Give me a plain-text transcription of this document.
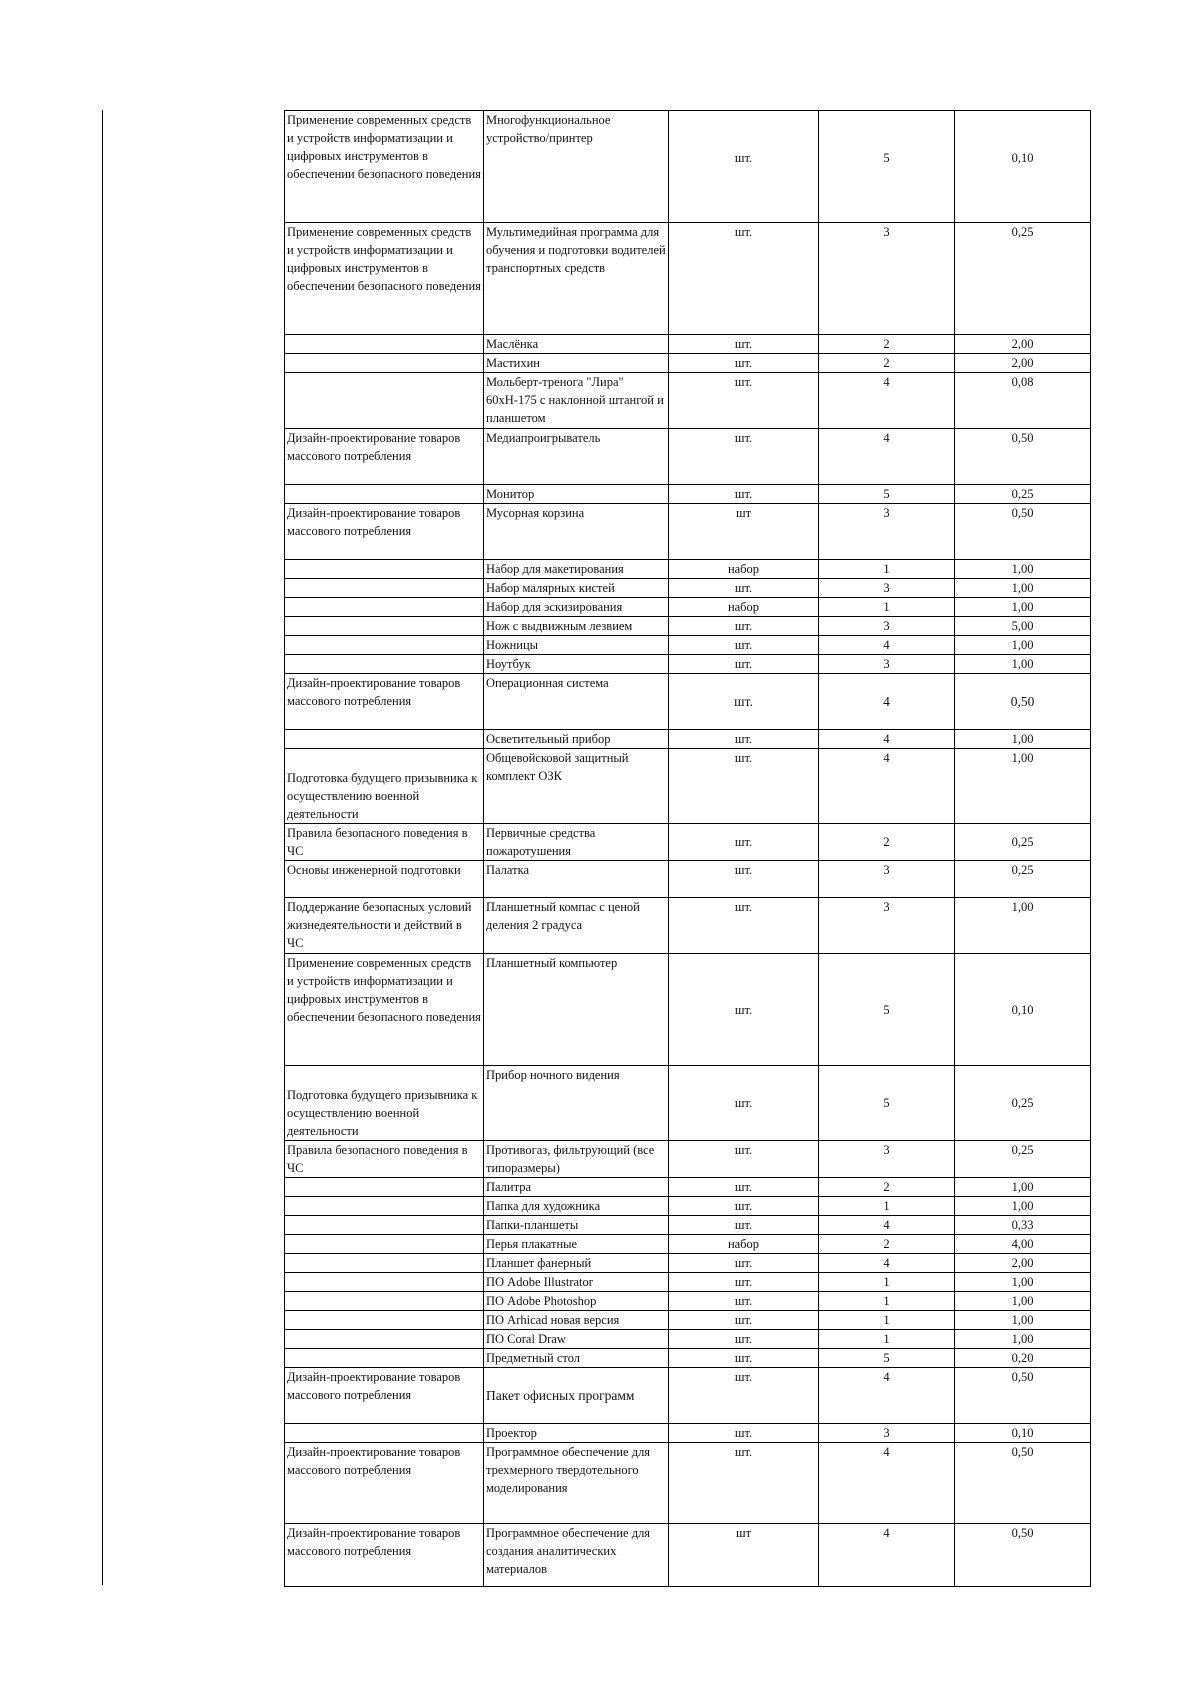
Применение современных средств и устройств информатизации и цифровых инструментов в обеспечении безопасного поведения	Многофункциональное устройство/принтер	шт.	5	0,10
Применение современных средств и устройств информатизации и цифровых инструментов в обеспечении безопасного поведения	Мультимедийная программа для обучения и подготовки водителей транспортных средств	шт.	3	0,25
	Маслёнка	шт.	2	2,00
	Мастихин	шт.	2	2,00
	Мольберт-тренога "Лира" 60хН-175 с наклонной штангой и планшетом	шт.	4	0,08
Дизайн-проектирование товаров массового потребления	Медиапроигрыватель	шт.	4	0,50
	Монитор	шт.	5	0,25
Дизайн-проектирование товаров массового потребления	Мусорная корзина	шт	3	0,50
	Набор для макетирования	набор	1	1,00
	Набор малярных кистей	шт.	3	1,00
	Набор для эскизирования	набор	1	1,00
	Нож с выдвижным лезвием	шт.	3	5,00
	Ножницы	шт.	4	1,00
	Ноутбук	шт.	3	1,00
Дизайн-проектирование товаров массового потребления	Операционная система	шт.	4	0,50
	Осветительный прибор	шт.	4	1,00
Подготовка будущего призывника к осуществлению военной деятельности	Общевойсковой защитный комплект ОЗК	шт.	4	1,00
Правила безопасного поведения в ЧС	Первичные средства пожаротушения	шт.	2	0,25
Основы инженерной подготовки	Палатка	шт.	3	0,25
Поддержание безопасных условий жизнедеятельности и действий в ЧС	Планшетный компас с ценой деления 2 градуса	шт.	3	1,00
Применение современных средств и устройств информатизации и цифровых инструментов в обеспечении безопасного поведения	Планшетный компьютер	шт.	5	0,10
Подготовка будущего призывника к осуществлению военной деятельности	Прибор ночного видения	шт.	5	0,25
Правила безопасного поведения в ЧС	Противогаз, фильтрующий (все типоразмеры)	шт.	3	0,25
	Палитра	шт.	2	1,00
	Папка для художника	шт.	1	1,00
	Папки-планшеты	шт.	4	0,33
	Перья плакатные	набор	2	4,00
	Планшет фанерный	шт.	4	2,00
	ПО Adobe Illustrator	шт.	1	1,00
	ПО Adobe Photoshop	шт.	1	1,00
	ПО Arhicad новая версия	шт.	1	1,00
	ПО Coral Draw	шт.	1	1,00
	Предметный стол	шт.	5	0,20
Дизайн-проектирование товаров массового потребления	Пакет офисных программ	шт.	4	0,50
	Проектор	шт.	3	0,10
Дизайн-проектирование товаров массового потребления	Программное обеспечение для трехмерного твердотельного моделирования	шт.	4	0,50
Дизайн-проектирование товаров массового потребления	Программное обеспечение для создания аналитических материалов	шт	4	0,50
